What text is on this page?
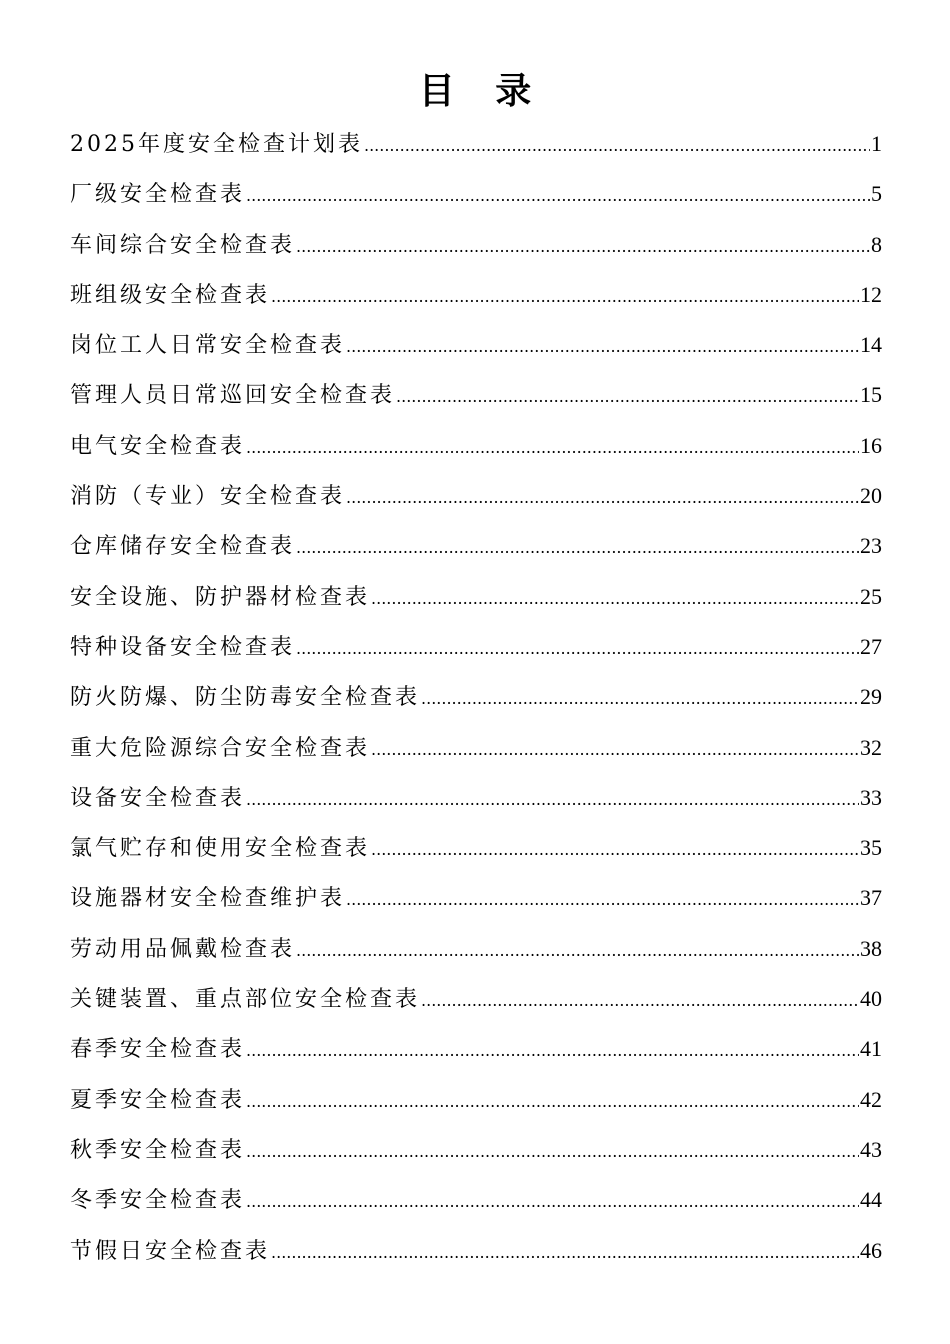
目 录
2025年度安全检查计划表 .....	1
厂级安全检查表 .....	5
车间综合安全检查表 .....	8
班组级安全检查表 .....	12
岗位工人日常安全检查表 .....	14
管理人员日常巡回安全检查表 .....	15
电气安全检查表 .....	16
消防（专业）安全检查表 .....	20
仓库储存安全检查表 .....	23
安全设施、防护器材检查表 .....	25
特种设备安全检查表 .....	27
防火防爆、防尘防毒安全检查表 .....	29
重大危险源综合安全检查表 .....	32
设备安全检查表 .....	33
氯气贮存和使用安全检查表 .....	35
设施器材安全检查维护表 .....	37
劳动用品佩戴检查表 .....	38
关键装置、重点部位安全检查表 .....	40
春季安全检查表 .....	41
夏季安全检查表 .....	42
秋季安全检查表 .....	43
冬季安全检查表 .....	44
节假日安全检查表 .....	46
